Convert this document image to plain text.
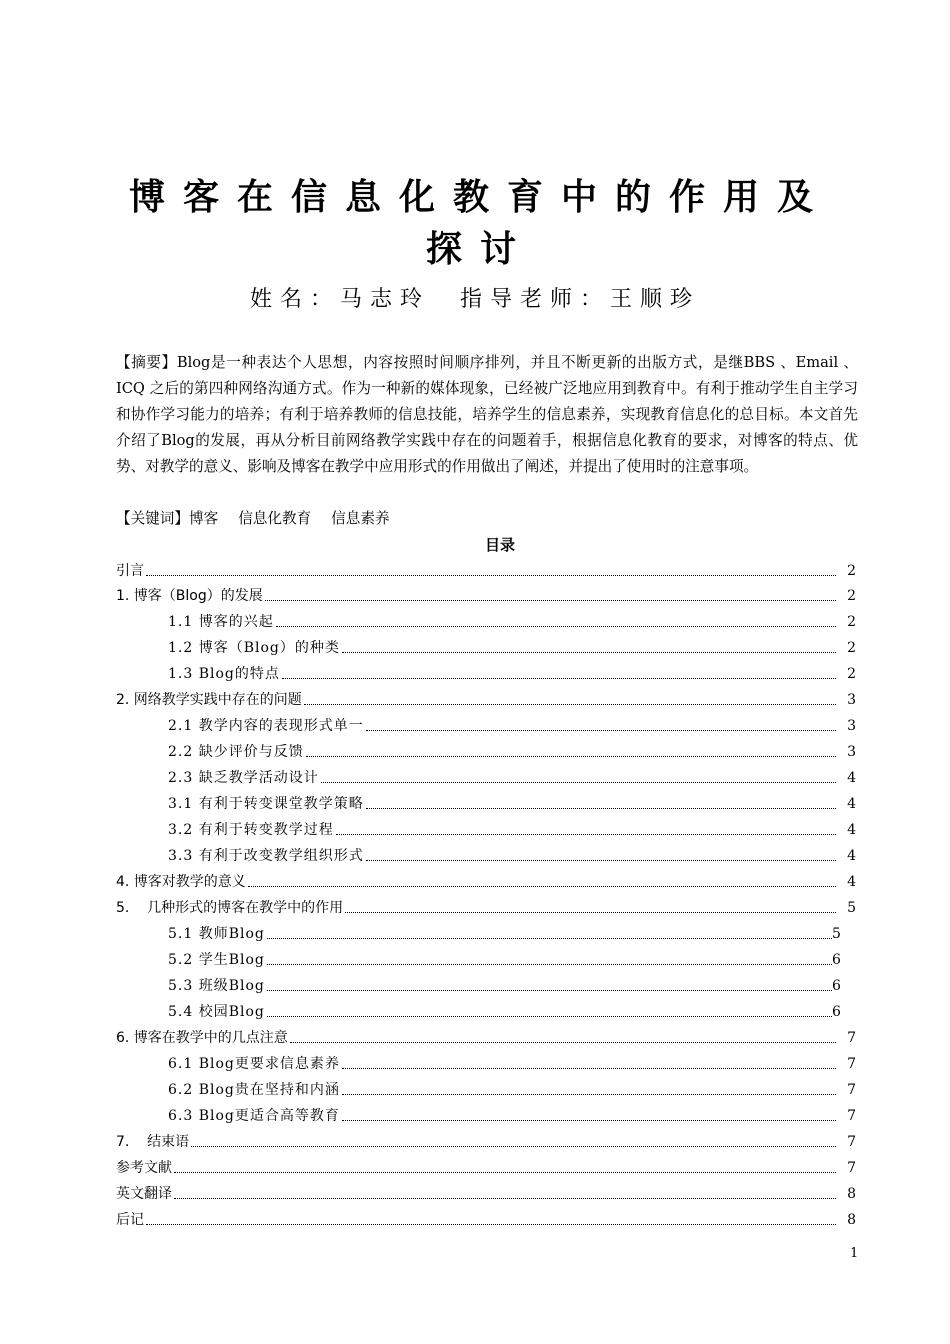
博客在信息化教育中的作用及探讨
姓名：马志玲 指导老师：王顺珍
【摘要】Blog是一种表达个人思想，内容按照时间顺序排列，并且不断更新的出版方式，是继BBS 、Email 、ICQ 之后的第四种网络沟通方式。作为一种新的媒体现象，已经被广泛地应用到教育中。有利于推动学生自主学习和协作学习能力的培养；有利于培养教师的信息技能，培养学生的信息素养，实现教育信息化的总目标。本文首先介绍了Blog的发展，再从分析目前网络教学实践中存在的问题着手，根据信息化教育的要求，对博客的特点、优势、对教学的意义、影响及博客在教学中应用形式的作用做出了阐述，并提出了使用时的注意事项。
【关键词】博客 信息化教育 信息素养
目录
引言	2
1. 博客（Blog）的发展	2
1.1 博客的兴起	2
1.2 博客（Blog）的种类	2
1.3 Blog的特点	2
2. 网络教学实践中存在的问题	3
2.1 教学内容的表现形式单一	3
2.2 缺少评价与反馈	3
2.3 缺乏教学活动设计	4
3.1 有利于转变课堂教学策略	4
3.2 有利于转变教学过程	4
3.3 有利于改变教学组织形式	4
4. 博客对教学的意义	4
5.    几种形式的博客在教学中的作用	5
5.1 教师Blog	5
5.2 学生Blog	6
5.3 班级Blog	6
5.4 校园Blog	6
6. 博客在教学中的几点注意	7
6.1 Blog更要求信息素养	7
6.2 Blog贵在坚持和内涵	7
6.3 Blog更适合高等教育	7
7.    结束语	7
参考文献	7
英文翻译	8
后记	8
1
